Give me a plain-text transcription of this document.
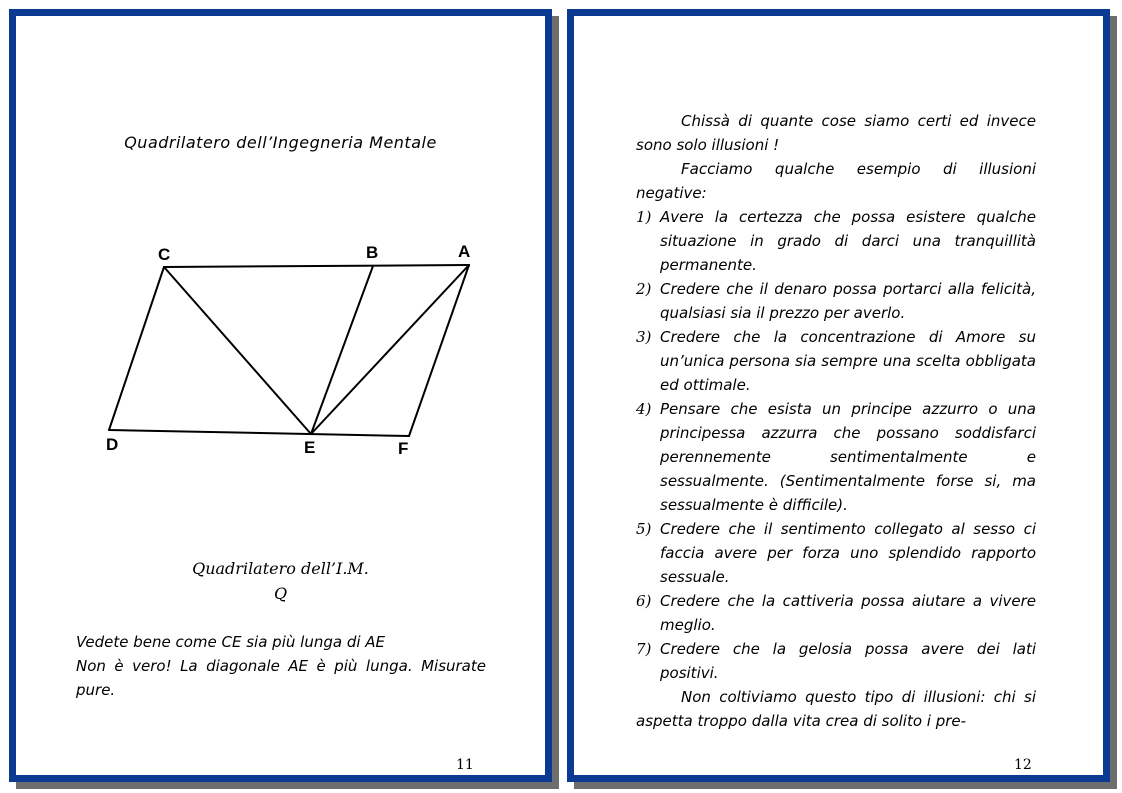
Quadrilatero dell’Ingegneria Mentale
C	B	A
D	E	F
Quadrilatero dell’I.M.
Q

Vedete bene come CE sia più lunga di AE

Non è vero! La diagonale AE è più lunga. Misurate pure.

11

Chissà di quante cose siamo certi ed invece sono solo illusioni !

Facciamo qualche esempio di illusioni negative:

1) Avere la certezza che possa esistere qualche situazione in grado di darci una tranquillità permanente.
2) Credere che il denaro possa portarci alla felicità, qualsiasi sia il prezzo per averlo.
3) Credere che la concentrazione di Amore su un’unica persona sia sempre una scelta obbligata ed ottimale.
4) Pensare che esista un principe azzurro o una principessa azzurra che possano soddisfarci perennemente sentimentalmente e sessualmente. (Sentimentalmente forse si, ma sessualmente è difficile).
5) Credere che il sentimento collegato al sesso ci faccia avere per forza uno splendido rapporto sessuale.
6) Credere che la cattiveria possa aiutare a vivere meglio.
7) Credere che la gelosia possa avere dei lati positivi.

Non coltiviamo questo tipo di illusioni: chi si aspetta troppo dalla vita crea di solito i pre-

12
